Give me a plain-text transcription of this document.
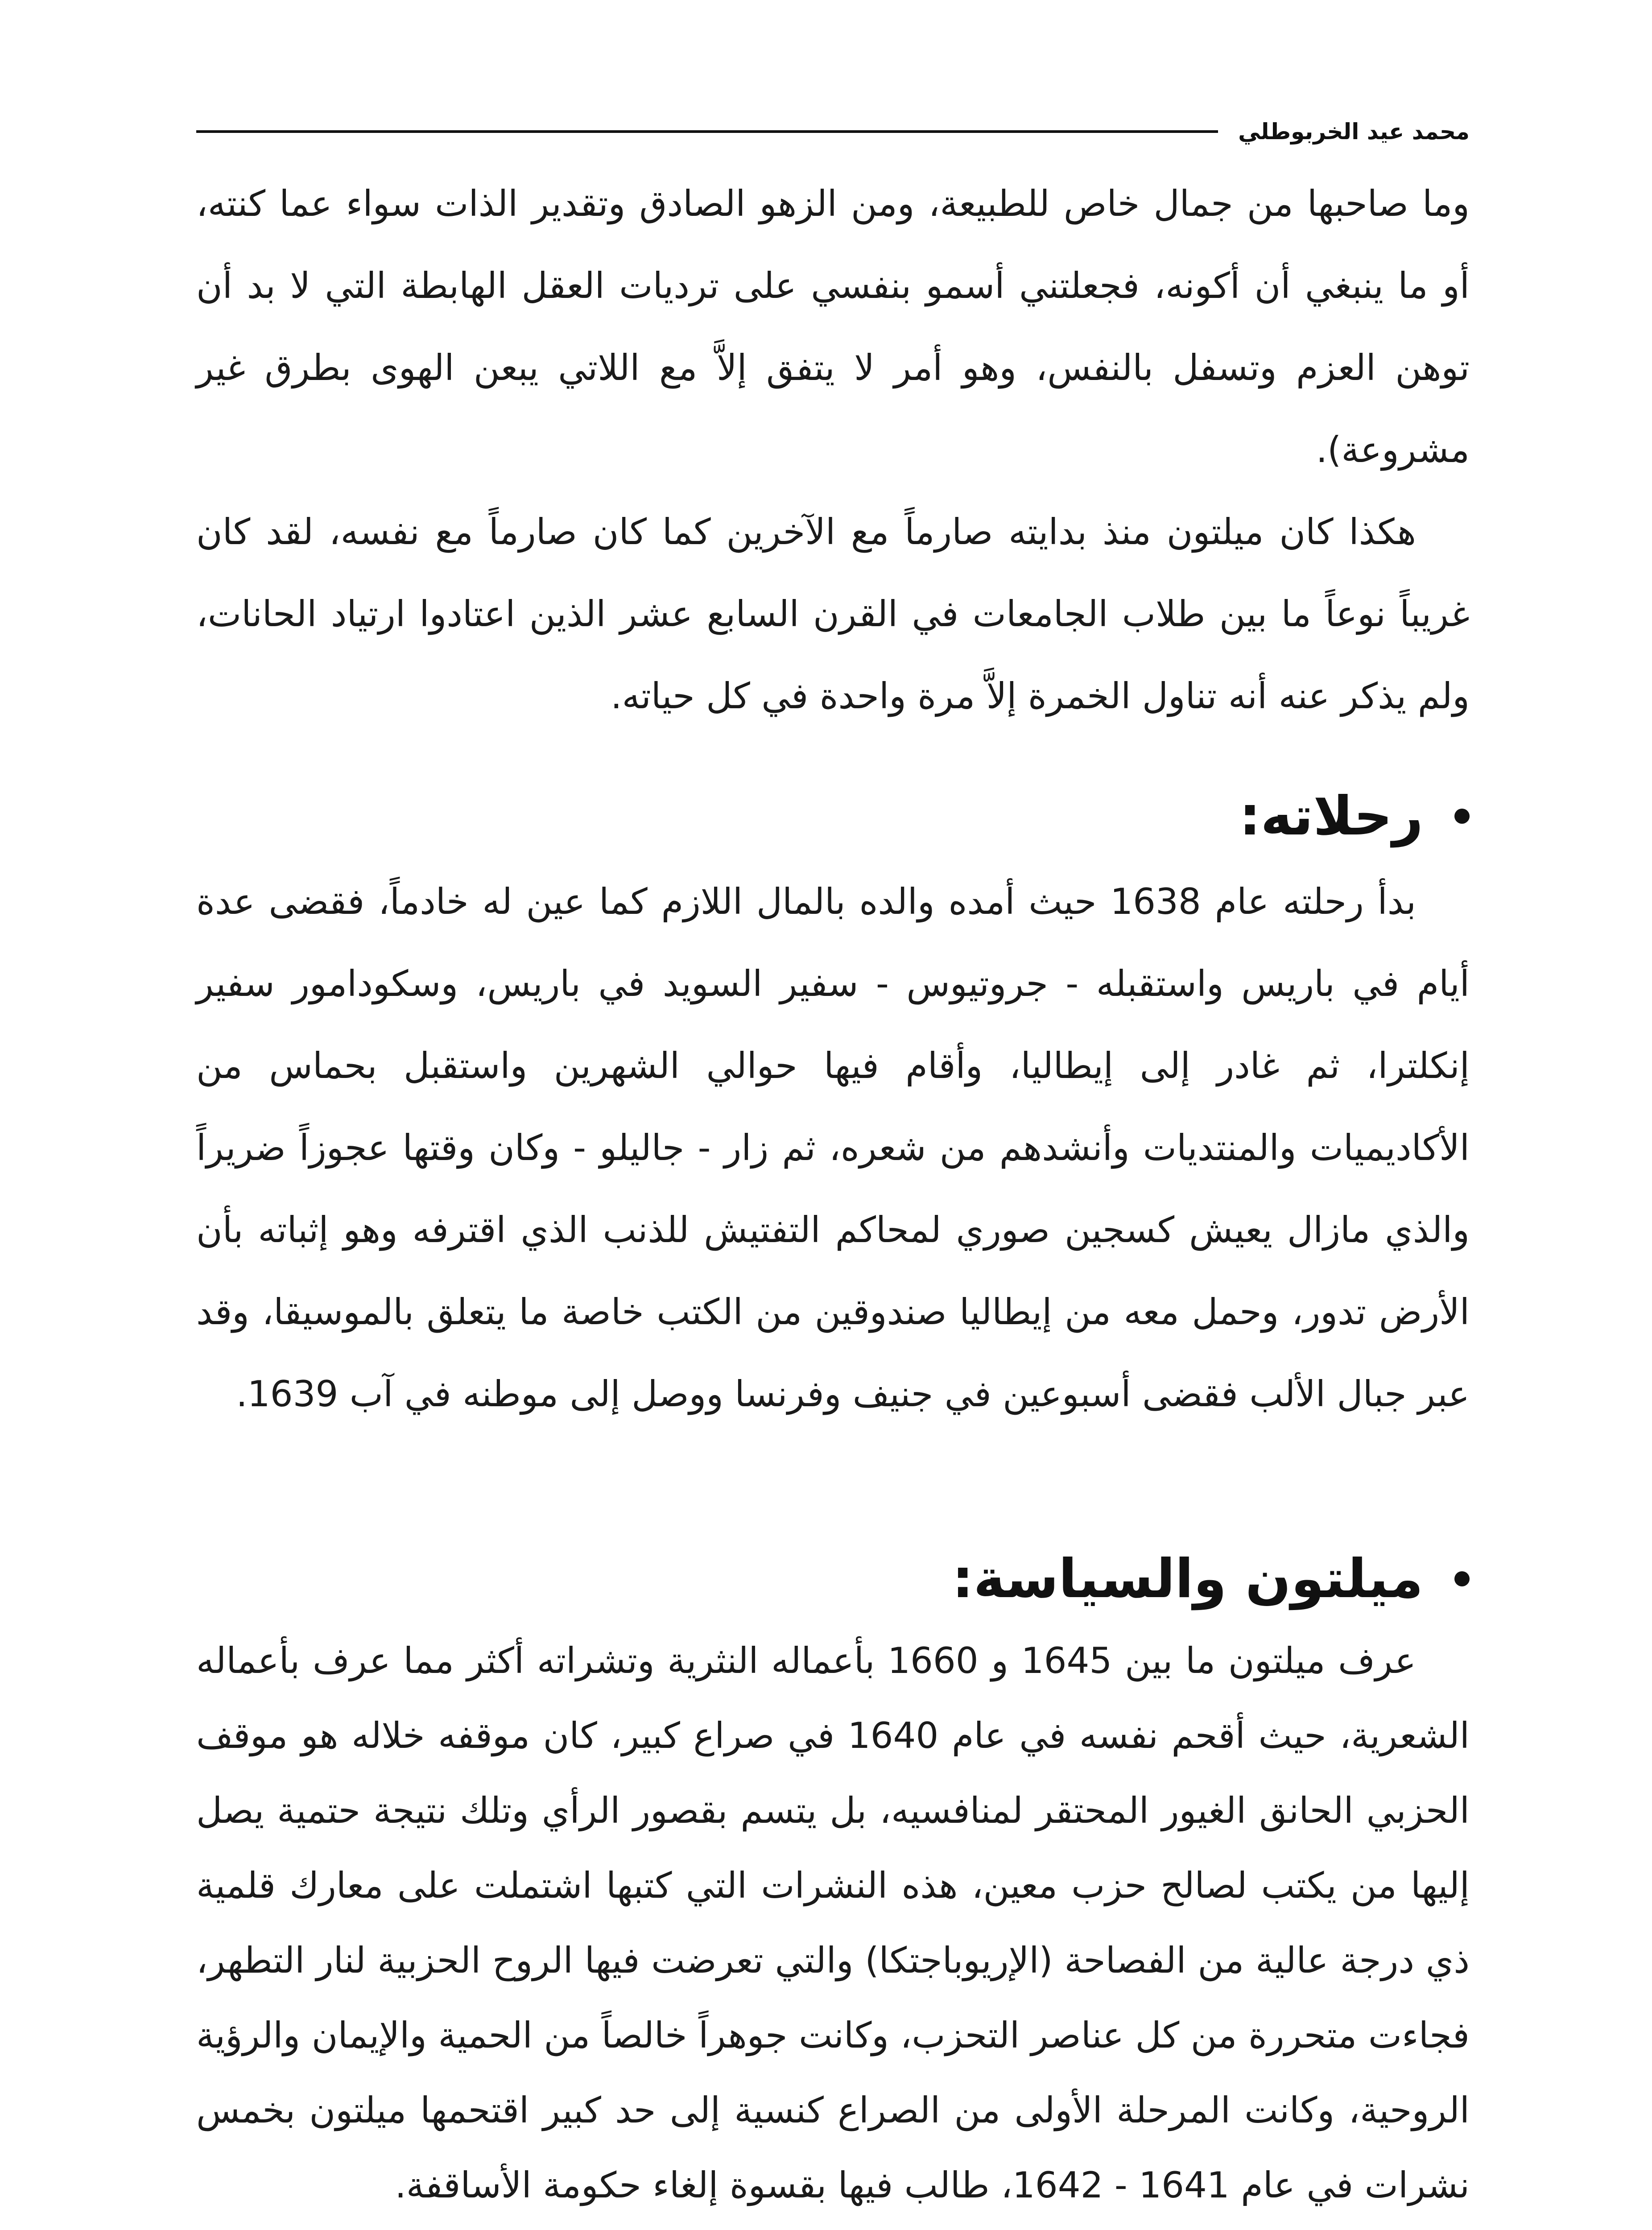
محمد عيد الخربوطلي

وما صاحبها من جمال خاص للطبيعة، ومن الزهو الصادق وتقدير الذات سواء عما كنته، أو ما ينبغي أن أكونه، فجعلتني أسمو بنفسي على ترديات العقل الهابطة التي لا بد أن توهن العزم وتسفل بالنفس، وهو أمر لا يتفق إلاَّ مع اللاتي يبعن الهوى بطرق غير مشروعة).

هكذا كان ميلتون منذ بدايته صارماً مع الآخرين كما كان صارماً مع نفسه، لقد كان غريباً نوعاً ما بين طلاب الجامعات في القرن السابع عشر الذين اعتادوا ارتياد الحانات، ولم يذكر عنه أنه تناول الخمرة إلاَّ مرة واحدة في كل حياته.

رحلاته:

بدأ رحلته عام 1638 حيث أمده والده بالمال اللازم كما عين له خادماً، فقضى عدة أيام في باريس واستقبله - جروتيوس - سفير السويد في باريس، وسكودامور سفير إنكلترا، ثم غادر إلى إيطاليا، وأقام فيها حوالي الشهرين واستقبل بحماس من الأكاديميات والمنتديات وأنشدهم من شعره، ثم زار - جاليلو - وكان وقتها عجوزاً ضريراً والذي مازال يعيش كسجين صوري لمحاكم التفتيش للذنب الذي اقترفه وهو إثباته بأن الأرض تدور، وحمل معه من إيطاليا صندوقين من الكتب خاصة ما يتعلق بالموسيقا، وقد عبر جبال الألب فقضى أسبوعين في جنيف وفرنسا ووصل إلى موطنه في آب 1639.

ميلتون والسياسة:

عرف ميلتون ما بين 1645 و 1660 بأعماله النثرية وتشراته أكثر مما عرف بأعماله الشعرية، حيث أقحم نفسه في عام 1640 في صراع كبير، كان موقفه خلاله هو موقف الحزبي الحانق الغيور المحتقر لمنافسيه، بل يتسم بقصور الرأي وتلك نتيجة حتمية يصل إليها من يكتب لصالح حزب معين، هذه النشرات التي كتبها اشتملت على معارك قلمية ذي درجة عالية من الفصاحة (الإريوباجتكا) والتي تعرضت فيها الروح الحزبية لنار التطهر، فجاءت متحررة من كل عناصر التحزب، وكانت جوهراً خالصاً من الحمية والإيمان والرؤية الروحية، وكانت المرحلة الأولى من الصراع كنسية إلى حد كبير اقتحمها ميلتون بخمس نشرات في عام 1641 - 1642، طالب فيها بقسوة إلغاء حكومة الأساقفة.
